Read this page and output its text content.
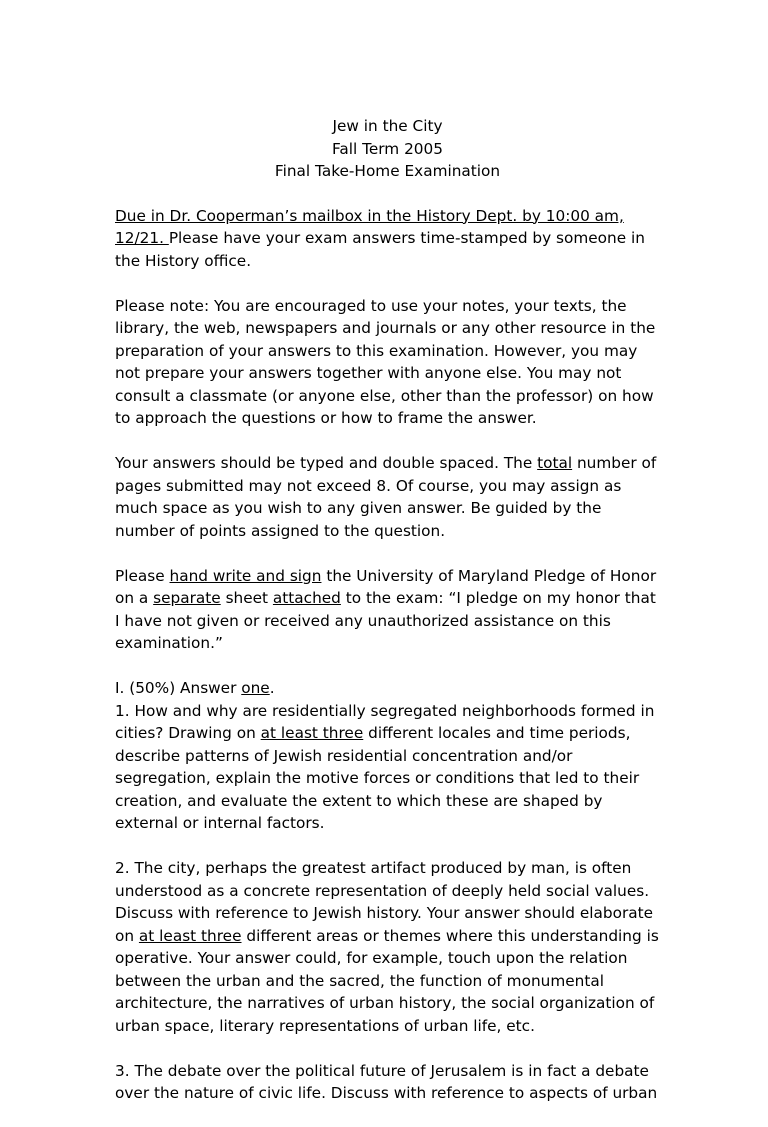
Jew in the City
Fall Term 2005
Final Take-Home Examination

Due in Dr. Cooperman’s mailbox in the History Dept. by 10:00 am, 12/21. Please have your exam answers time-stamped by someone in the History office.

Please note: You are encouraged to use your notes, your texts, the library, the web, newspapers and journals or any other resource in the preparation of your answers to this examination. However, you may not prepare your answers together with anyone else. You may not consult a classmate (or anyone else, other than the professor) on how to approach the questions or how to frame the answer.

Your answers should be typed and double spaced. The total number of pages submitted may not exceed 8. Of course, you may assign as much space as you wish to any given answer. Be guided by the number of points assigned to the question.

Please hand write and sign the University of Maryland Pledge of Honor on a separate sheet attached to the exam: “I pledge on my honor that I have not given or received any unauthorized assistance on this examination.”

I. (50%) Answer one.

1. How and why are residentially segregated neighborhoods formed in cities? Drawing on at least three different locales and time periods, describe patterns of Jewish residential concentration and/or segregation, explain the motive forces or conditions that led to their creation, and evaluate the extent to which these are shaped by external or internal factors.

2. The city, perhaps the greatest artifact produced by man, is often understood as a concrete representation of deeply held social values. Discuss with reference to Jewish history. Your answer should elaborate on at least three different areas or themes where this understanding is operative. Your answer could, for example, touch upon the relation between the urban and the sacred, the function of monumental architecture, the narratives of urban history, the social organization of urban space, literary representations of urban life, etc.

3. The debate over the political future of Jerusalem is in fact a debate over the nature of civic life. Discuss with reference to aspects of urban
